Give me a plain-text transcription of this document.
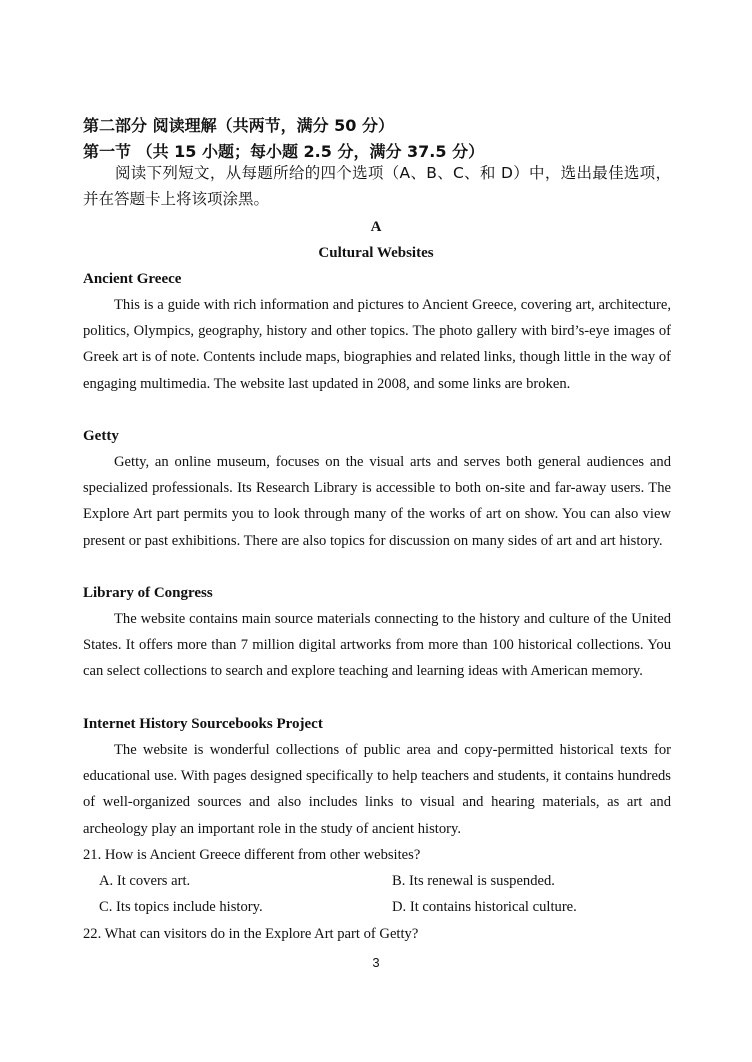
第二部分 阅读理解（共两节，满分 50 分）
第一节 （共 15 小题；每小题 2.5 分，满分 37.5 分）
阅读下列短文，从每题所给的四个选项（A、B、C、和 D）中，选出最佳选项，并在答题卡上将该项涂黑。
A
Cultural Websites
Ancient Greece
This is a guide with rich information and pictures to Ancient Greece, covering art, architecture, politics, Olympics, geography, history and other topics. The photo gallery with bird’s-eye images of Greek art is of note. Contents include maps, biographies and related links, though little in the way of engaging multimedia. The website last updated in 2008, and some links are broken.
Getty
Getty, an online museum, focuses on the visual arts and serves both general audiences and specialized professionals. Its Research Library is accessible to both on-site and far-away users. The Explore Art part permits you to look through many of the works of art on show. You can also view present or past exhibitions. There are also topics for discussion on many sides of art and art history.
Library of Congress
The website contains main source materials connecting to the history and culture of the United States. It offers more than 7 million digital artworks from more than 100 historical collections. You can select collections to search and explore teaching and learning ideas with American memory.
Internet History Sourcebooks Project
The website is wonderful collections of public area and copy-permitted historical texts for educational use. With pages designed specifically to help teachers and students, it contains hundreds of well-organized sources and also includes links to visual and hearing materials, as art and archeology play an important role in the study of ancient history.
21. How is Ancient Greece different from other websites?
A. It covers art.	B. Its renewal is suspended.
C. Its topics include history.	D. It contains historical culture.
22. What can visitors do in the Explore Art part of Getty?
3
